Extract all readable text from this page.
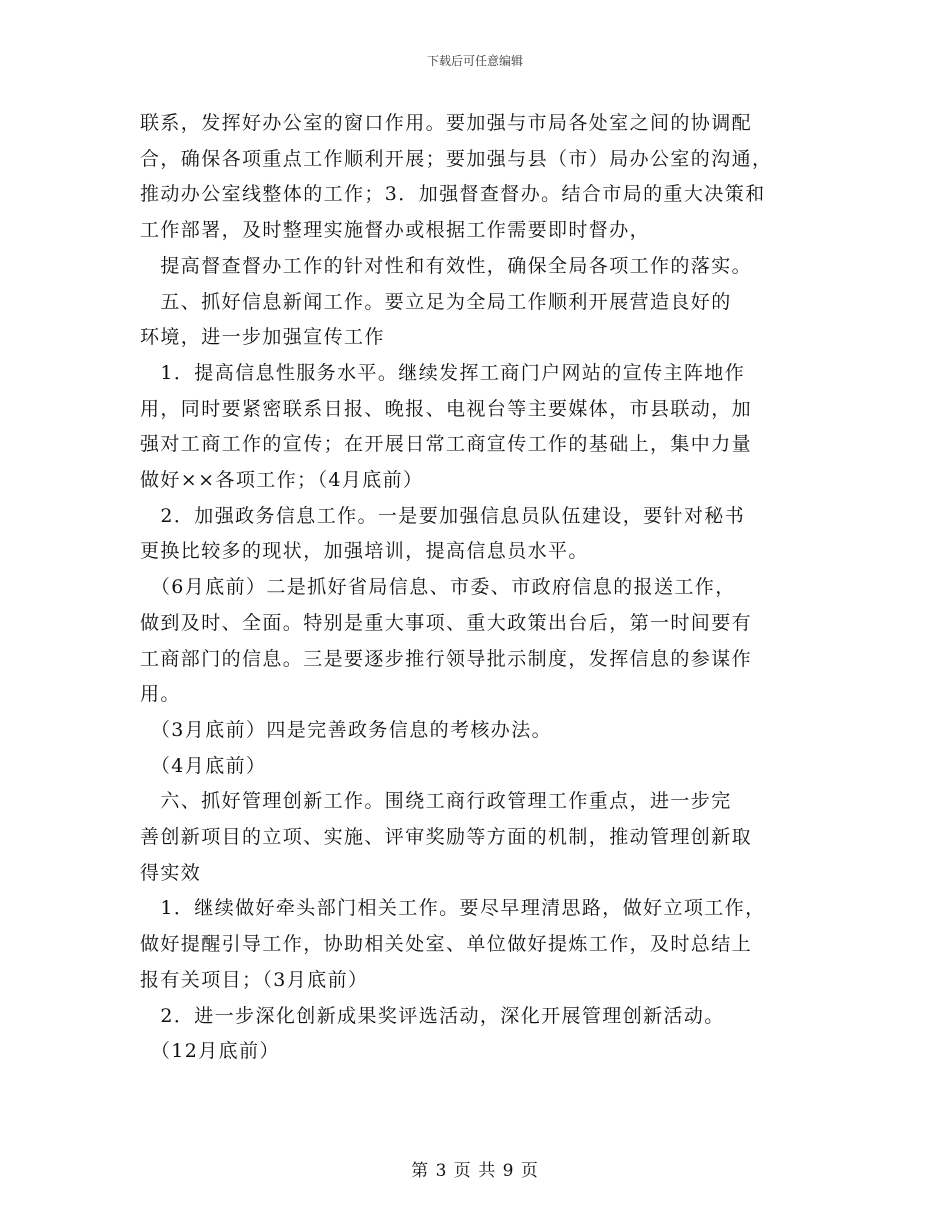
下载后可任意编辑

联系，发挥好办公室的窗口作用。要加强与市局各处室之间的协调配

合，确保各项重点工作顺利开展；要加强与县（市）局办公室的沟通，

推动办公室线整体的工作；3．加强督查督办。结合市局的重大决策和

工作部署，及时整理实施督办或根据工作需要即时督办，

　提高督查督办工作的针对性和有效性，确保全局各项工作的落实。

　五、抓好信息新闻工作。要立足为全局工作顺利开展营造良好的

环境，进一步加强宣传工作

　1．提高信息性服务水平。继续发挥工商门户网站的宣传主阵地作

用，同时要紧密联系日报、晚报、电视台等主要媒体，市县联动，加

强对工商工作的宣传；在开展日常工商宣传工作的基础上，集中力量

做好××各项工作；（4月底前）

　2．加强政务信息工作。一是要加强信息员队伍建设，要针对秘书

更换比较多的现状，加强培训，提高信息员水平。

　（6月底前）二是抓好省局信息、市委、市政府信息的报送工作，

做到及时、全面。特别是重大事项、重大政策出台后，第一时间要有

工商部门的信息。三是要逐步推行领导批示制度，发挥信息的参谋作

用。

　（3月底前）四是完善政务信息的考核办法。

　（4月底前）

　六、抓好管理创新工作。围绕工商行政管理工作重点，进一步完

善创新项目的立项、实施、评审奖励等方面的机制，推动管理创新取

得实效

　1．继续做好牵头部门相关工作。要尽早理清思路，做好立项工作，

做好提醒引导工作，协助相关处室、单位做好提炼工作，及时总结上

报有关项目；（3月底前）

　2．进一步深化创新成果奖评选活动，深化开展管理创新活动。

　（12月底前）

第 3 页 共 9 页
